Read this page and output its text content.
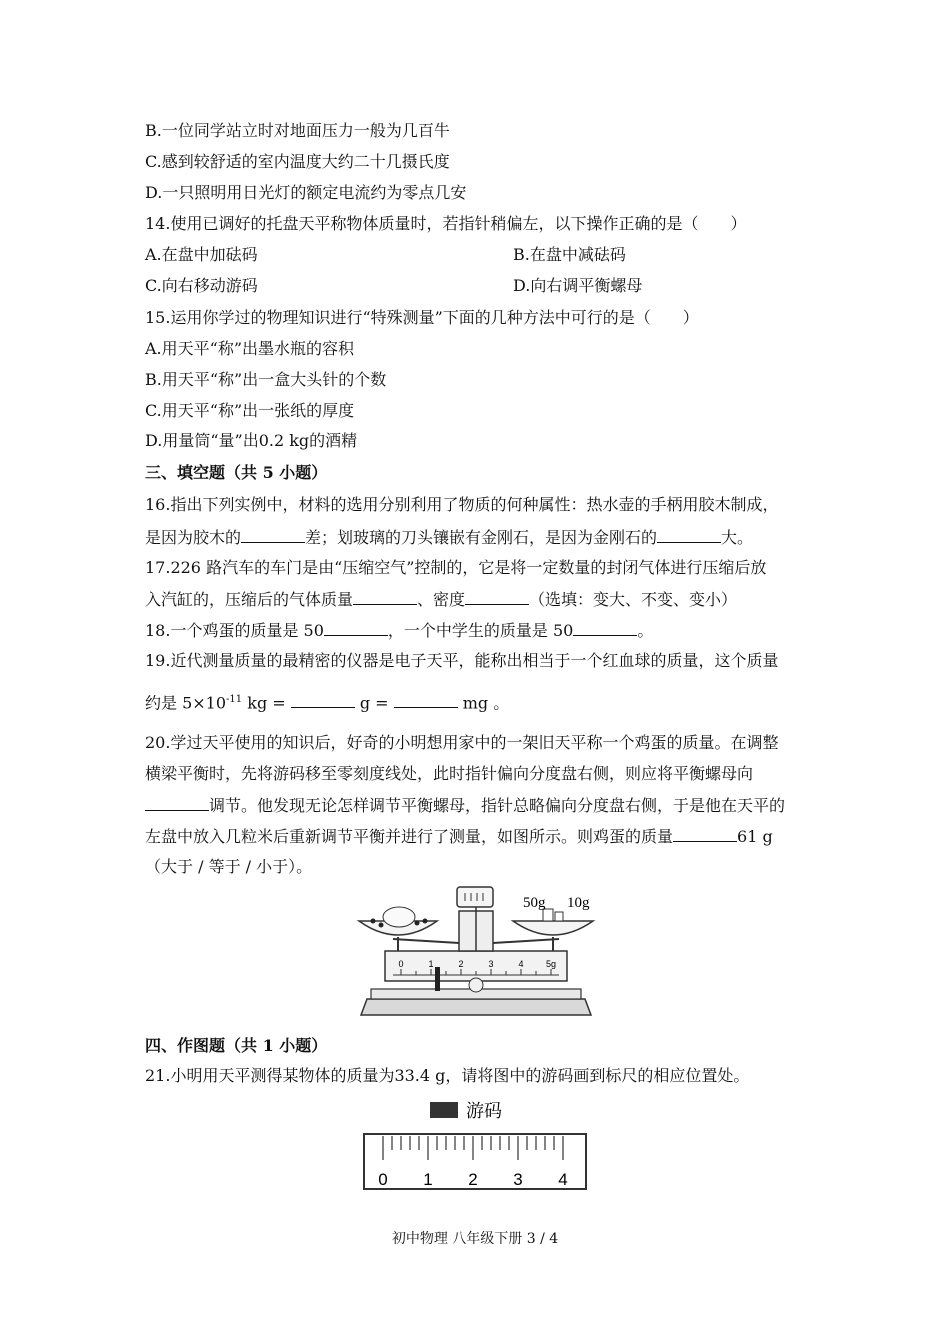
B.一位同学站立时对地面压力一般为几百牛
C.感到较舒适的室内温度大约二十几摄氏度
D.一只照明用日光灯的额定电流约为零点几安
14.使用已调好的托盘天平称物体质量时，若指针稍偏左，以下操作正确的是（　　）
A.在盘中加砝码	B.在盘中减砝码
C.向右移动游码	D.向右调平衡螺母
15.运用你学过的物理知识进行“特殊测量”下面的几种方法中可行的是（　　）
A.用天平“称”出墨水瓶的容积
B.用天平“称”出一盒大头针的个数
C.用天平“称”出一张纸的厚度
D.用量筒“量”出0.2 kg的酒精
三、填空题（共 5 小题）
16.指出下列实例中，材料的选用分别利用了物质的何种属性：热水壶的手柄用胶木制成，
是因为胶木的	差；划玻璃的刀头镶嵌有金刚石，是因为金刚石的	大。
17.226 路汽车的车门是由“压缩空气”控制的，它是将一定数量的封闭气体进行压缩后放
入汽缸的，压缩后的气体质量	、密度	（选填：变大、不变、变小）
18.一个鸡蛋的质量是 50	，一个中学生的质量是 50	。
19.近代测量质量的最精密的仪器是电子天平，能称出相当于一个红血球的质量，这个质量
约是 $5\times 10^{-11}$ kg =	g =	mg 。
20.学过天平使用的知识后，好奇的小明想用家中的一架旧天平称一个鸡蛋的质量。在调整
横梁平衡时，先将游码移至零刻度线处，此时指针偏向分度盘右侧，则应将平衡螺母向
调节。他发现无论怎样调节平衡螺母，指针总略偏向分度盘右侧，于是他在天平的
左盘中放入几粒米后重新调节平衡并进行了测量，如图所示。则鸡蛋的质量	61 g
（大于 / 等于 / 小于）。
0	1	2	3	4 5g
50g 10g
四、作图题（共 1 小题）
21.小明用天平测得某物体的质量为33.4 g，请将图中的游码画到标尺的相应位置处。
游码
0 1 2 3 4
初中物理 八年级下册 3 / 4
